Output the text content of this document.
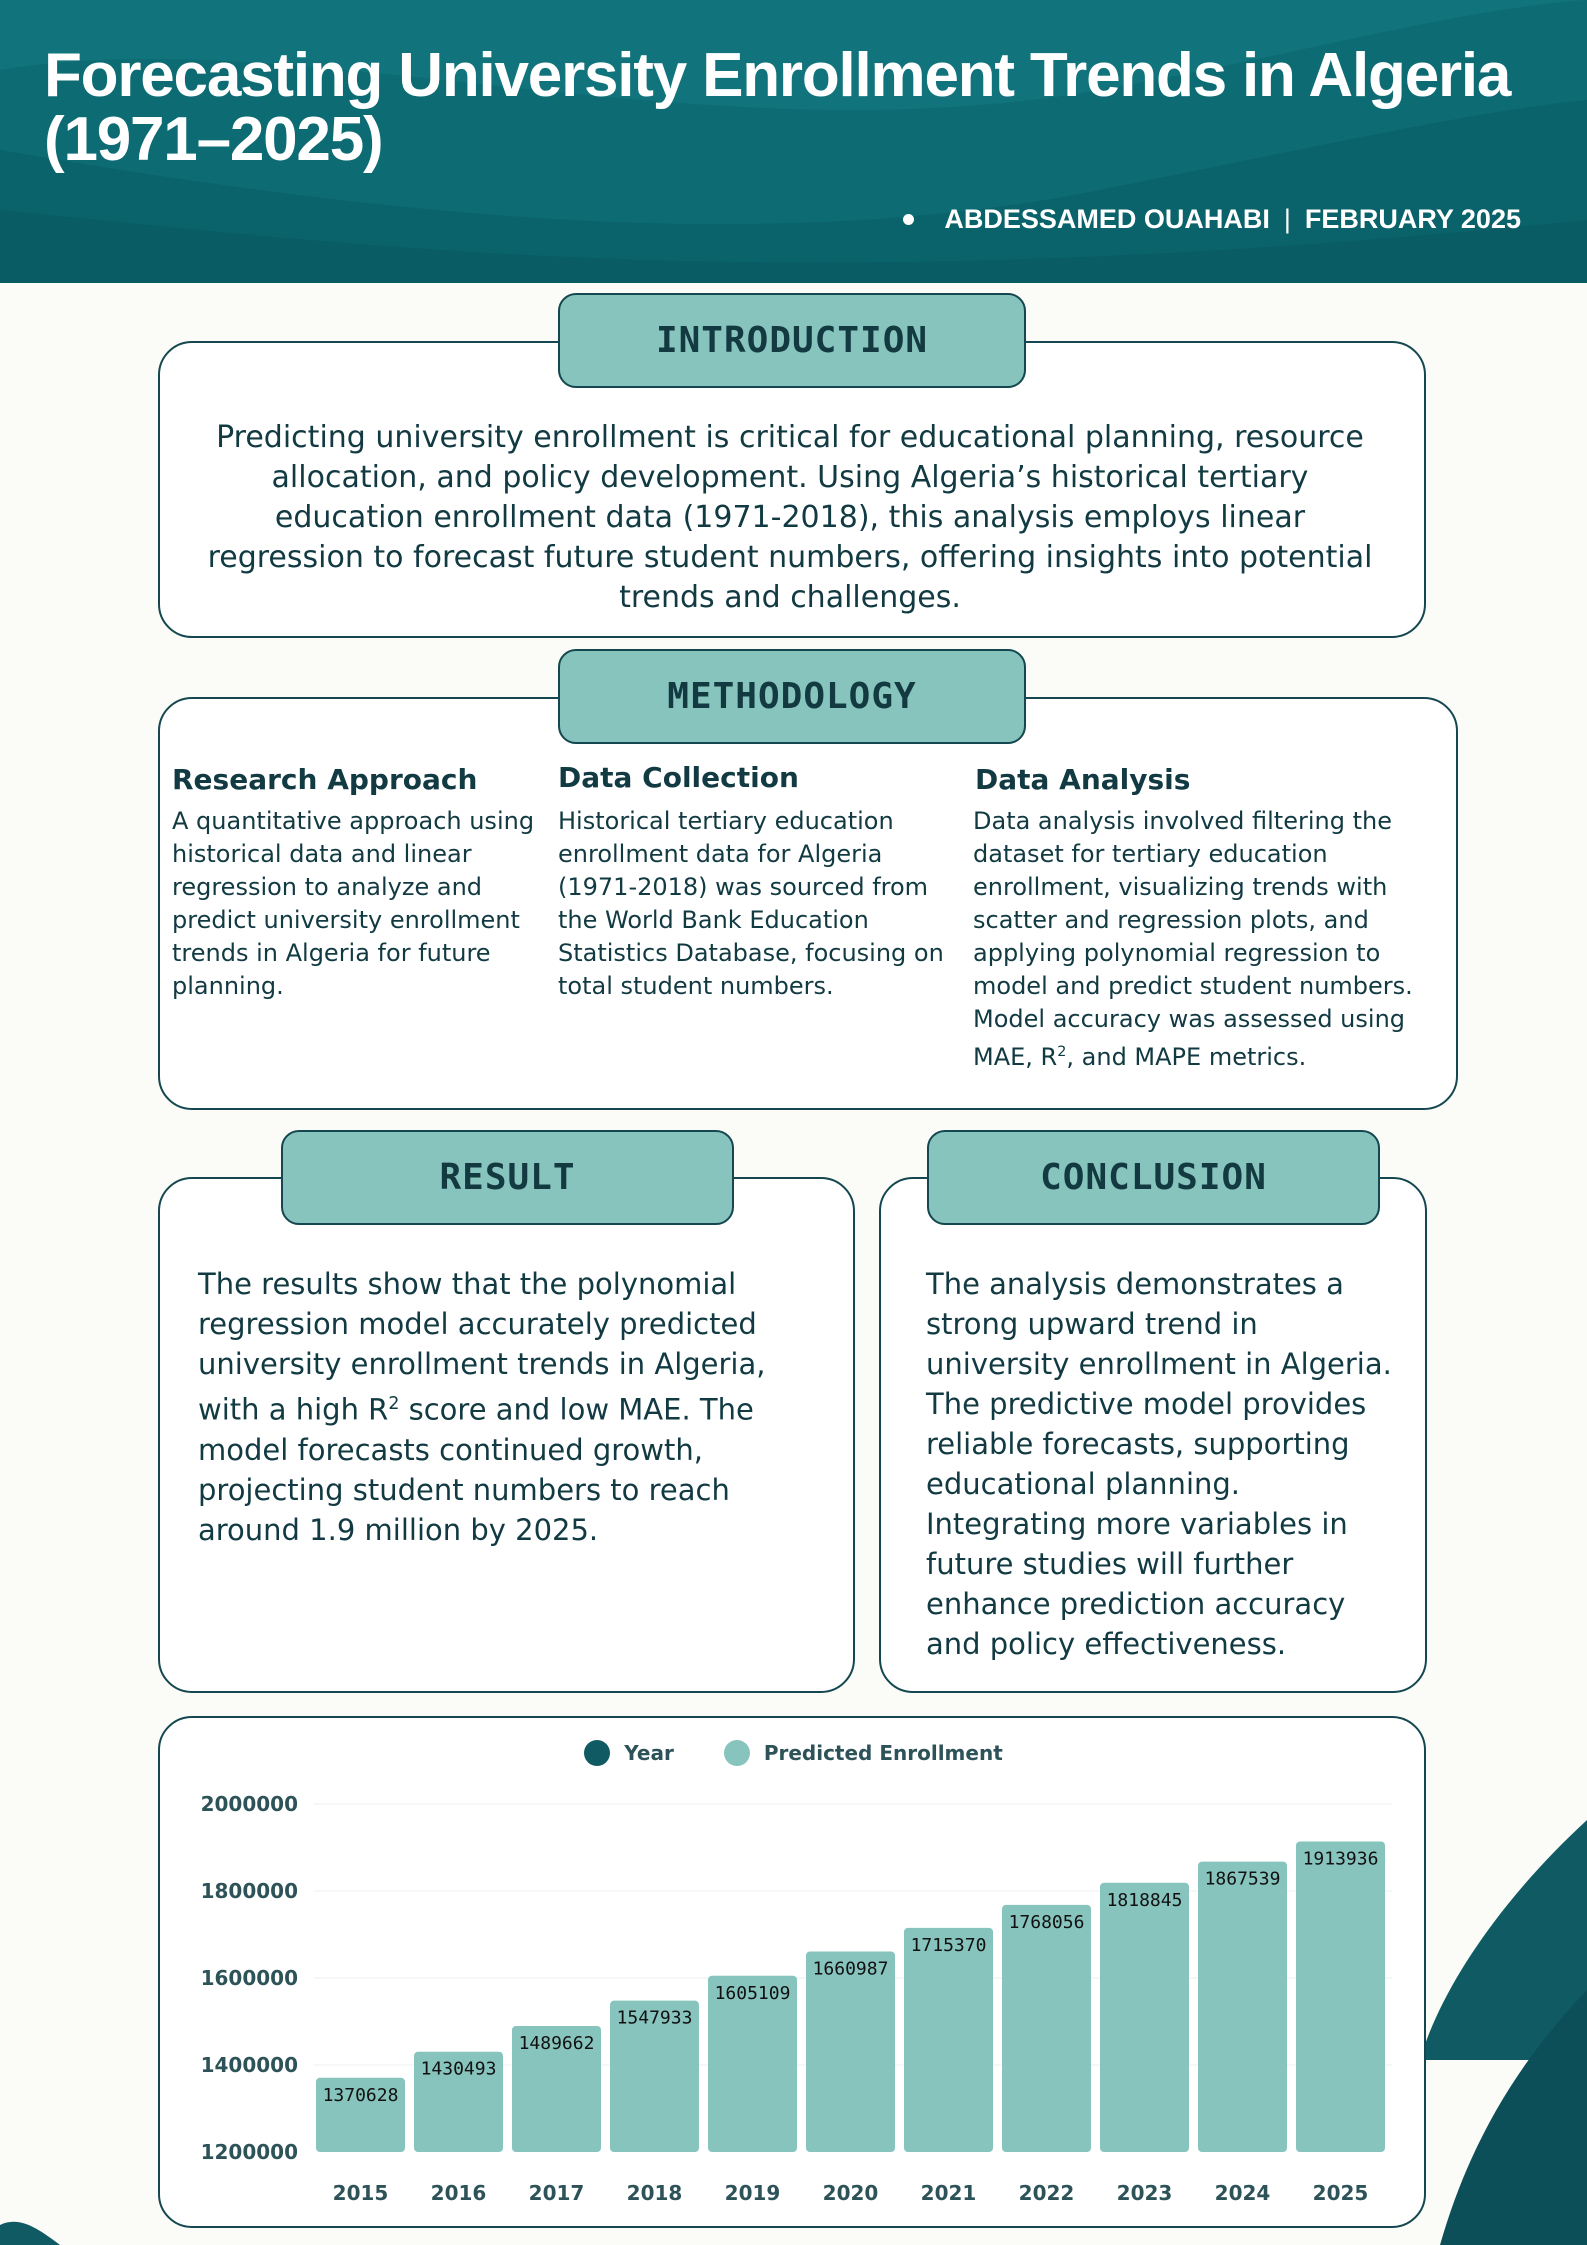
Forecasting University Enrollment Trends in Algeria (1971–2025)
ABDESSAMED OUAHABI | FEBRUARY 2025
INTRODUCTION
Predicting university enrollment is critical for educational planning, resource allocation, and policy development. Using Algeria’s historical tertiary education enrollment data (1971-2018), this analysis employs linear regression to forecast future student numbers, offering insights into potential trends and challenges.
METHODOLOGY
Research Approach
A quantitative approach using historical data and linear regression to analyze and predict university enrollment trends in Algeria for future planning.
Data Collection
Historical tertiary education enrollment data for Algeria (1971-2018) was sourced from the World Bank Education Statistics Database, focusing on total student numbers.
Data Analysis
Data analysis involved filtering the dataset for tertiary education enrollment, visualizing trends with scatter and regression plots, and applying polynomial regression to model and predict student numbers. Model accuracy was assessed using MAE, $R^2$, and MAPE metrics.
RESULT
The results show that the polynomial regression model accurately predicted university enrollment trends in Algeria, with a high $R^2$ score and low MAE. The model forecasts continued growth, projecting student numbers to reach around 1.9 million by 2025.
CONCLUSION
The analysis demonstrates a strong upward trend in university enrollment in Algeria. The predictive model provides reliable forecasts, supporting educational planning. Integrating more variables in future studies will further enhance prediction accuracy and policy effectiveness.
Year	Predicted Enrollment
1200000
1400000
1600000
1800000
2000000
1370628
2015
1430493
2016
1489662
2017
1547933
2018
1605109
2019
1660987
2020
1715370
2021
1768056
2022
1818845
2023
1867539
2024
1913936
2025
